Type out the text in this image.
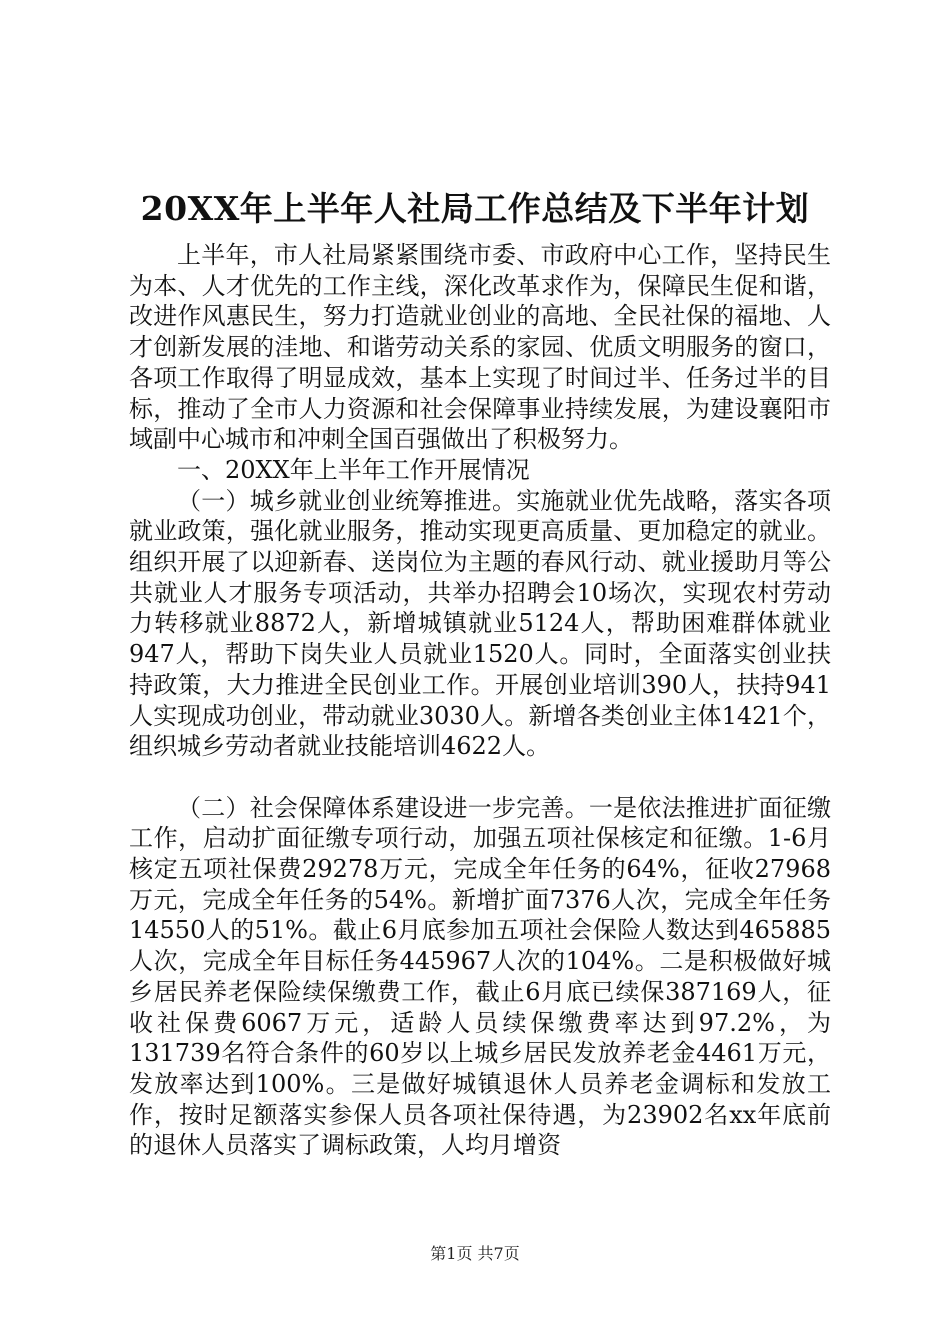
20XX年上半年人社局工作总结及下半年计划

上半年，市人社局紧紧围绕市委、市政府中心工作，坚持民生为本、人才优先的工作主线，深化改革求作为，保障民生促和谐，改进作风惠民生，努力打造就业创业的高地、全民社保的福地、人才创新发展的洼地、和谐劳动关系的家园、优质文明服务的窗口，各项工作取得了明显成效，基本上实现了时间过半、任务过半的目标，推动了全市人力资源和社会保障事业持续发展，为建设襄阳市域副中心城市和冲刺全国百强做出了积极努力。

一、20XX年上半年工作开展情况

（一）城乡就业创业统筹推进。实施就业优先战略，落实各项就业政策，强化就业服务，推动实现更高质量、更加稳定的就业。组织开展了以迎新春、送岗位为主题的春风行动、就业援助月等公共就业人才服务专项活动，共举办招聘会10场次，实现农村劳动力转移就业8872人，新增城镇就业5124人，帮助困难群体就业947人，帮助下岗失业人员就业1520人。同时，全面落实创业扶持政策，大力推进全民创业工作。开展创业培训390人，扶持941人实现成功创业，带动就业3030人。新增各类创业主体1421个，组织城乡劳动者就业技能培训4622人。

（二）社会保障体系建设进一步完善。一是依法推进扩面征缴工作，启动扩面征缴专项行动，加强五项社保核定和征缴。1-6月核定五项社保费29278万元，完成全年任务的64%，征收27968万元，完成全年任务的54%。新增扩面7376人次，完成全年任务14550人的51%。截止6月底参加五项社会保险人数达到465885人次，完成全年目标任务445967人次的104%。二是积极做好城乡居民养老保险续保缴费工作，截止6月底已续保387169人，征收社保费6067万元，适龄人员续保缴费率达到97.2%，为131739名符合条件的60岁以上城乡居民发放养老金4461万元，发放率达到100%。三是做好城镇退休人员养老金调标和发放工作，按时足额落实参保人员各项社保待遇，为23902名xx年底前的退休人员落实了调标政策，人均月增资

第1页 共7页
